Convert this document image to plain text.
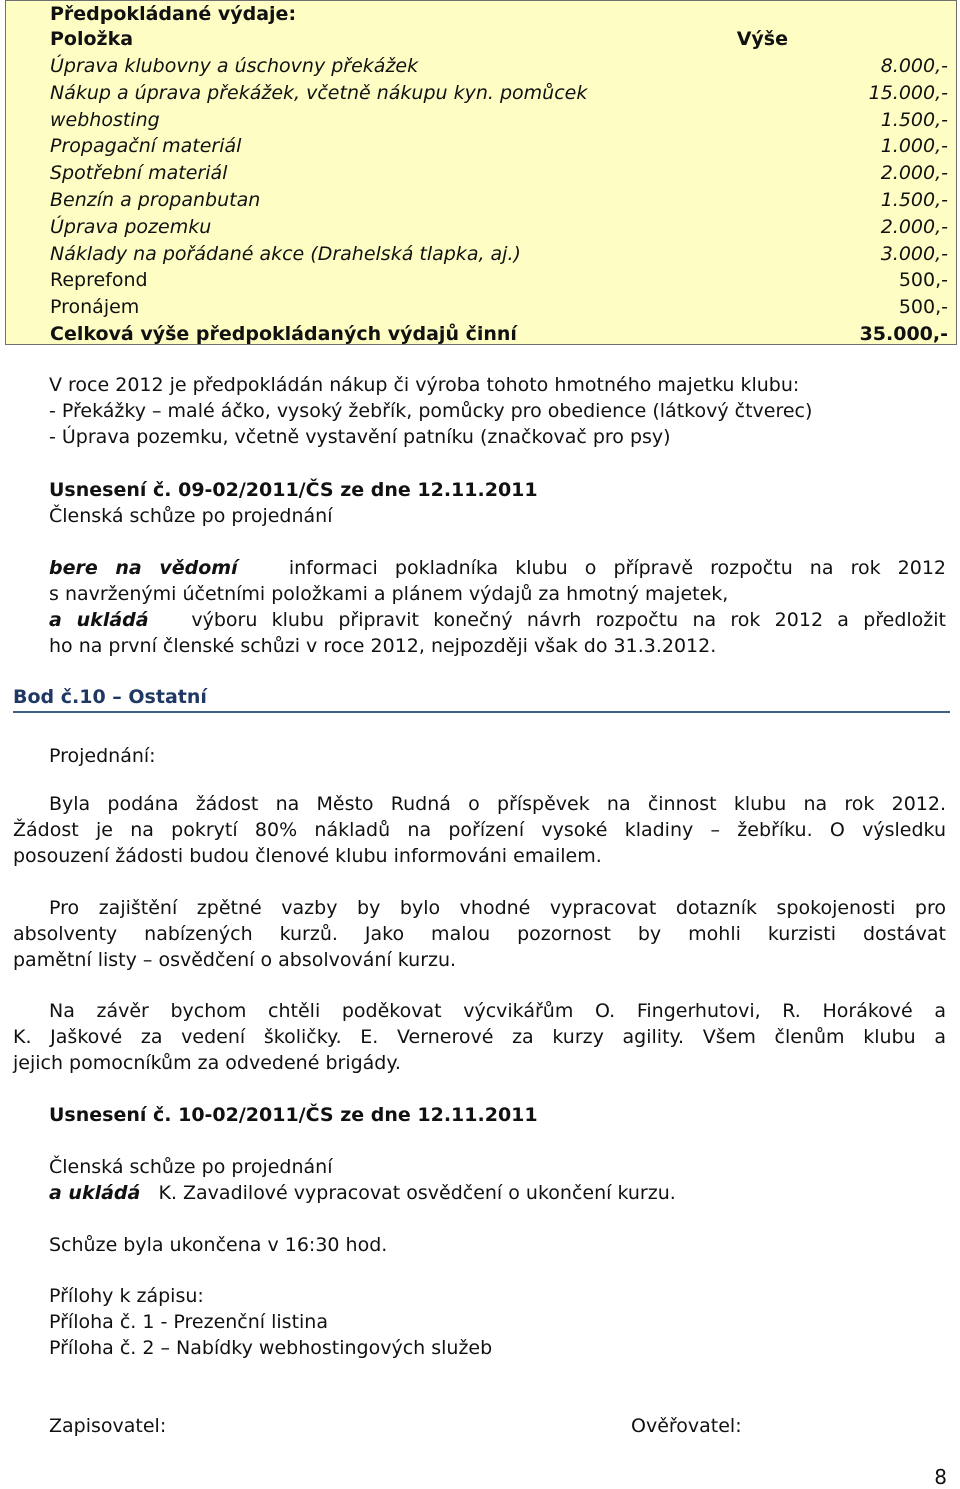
Předpokládané výdaje:
Položka	Výše
Úprava klubovny a úschovny překážek	8.000,-
Nákup a úprava překážek, včetně nákupu kyn. pomůcek	15.000,-
webhosting	1.500,-
Propagační materiál	1.000,-
Spotřební materiál	2.000,-
Benzín a propanbutan	1.500,-
Úprava pozemku	2.000,-
Náklady na pořádané akce (Drahelská tlapka, aj.)	3.000,-
Reprefond	500,-
Pronájem	500,-
Celková výše předpokládaných výdajů činní	35.000,-
V roce 2012 je předpokládán nákup či výroba tohoto hmotného majetku klubu:
- Překážky – malé áčko, vysoký žebřík, pomůcky pro obedience (látkový čtverec)
- Úprava pozemku, včetně vystavění patníku (značkovač pro psy)
Usnesení č. 09-02/2011/ČS ze dne 12.11.2011
Členská schůze po projednání
bere na vědomí	informaci pokladníka klubu o přípravě rozpočtu na rok 2012
s navrženými účetními položkami a plánem výdajů za hmotný majetek,
a ukládá výboru klubu připravit konečný návrh rozpočtu na rok 2012 a předložit
ho na první členské schůzi v roce 2012, nejpozději však do 31.3.2012.
Bod č.10 – Ostatní
Projednání:
Byla podána žádost na Město Rudná o příspěvek na činnost klubu na rok 2012.
Žádost je na pokrytí 80% nákladů na pořízení vysoké kladiny – žebříku. O výsledku
posouzení žádosti budou členové klubu informováni emailem.
Pro zajištění zpětné vazby by bylo vhodné vypracovat dotazník spokojenosti pro
absolventy nabízených kurzů. Jako malou pozornost by mohli kurzisti dostávat
pamětní listy – osvědčení o absolvování kurzu.
Na závěr bychom chtěli poděkovat výcvikářům O. Fingerhutovi, R. Horákové a
K. Jaškové za vedení školičky. E. Vernerové za kurzy agility. Všem členům klubu a
jejich pomocníkům za odvedené brigády.
Usnesení č. 10-02/2011/ČS ze dne 12.11.2011
Členská schůze po projednání
a ukládá K. Zavadilové vypracovat osvědčení o ukončení kurzu.
Schůze byla ukončena v 16:30 hod.
Přílohy k zápisu:
Příloha č. 1 - Prezenční listina
Příloha č. 2 – Nabídky webhostingových služeb
Zapisovatel:	Ověřovatel:
8
